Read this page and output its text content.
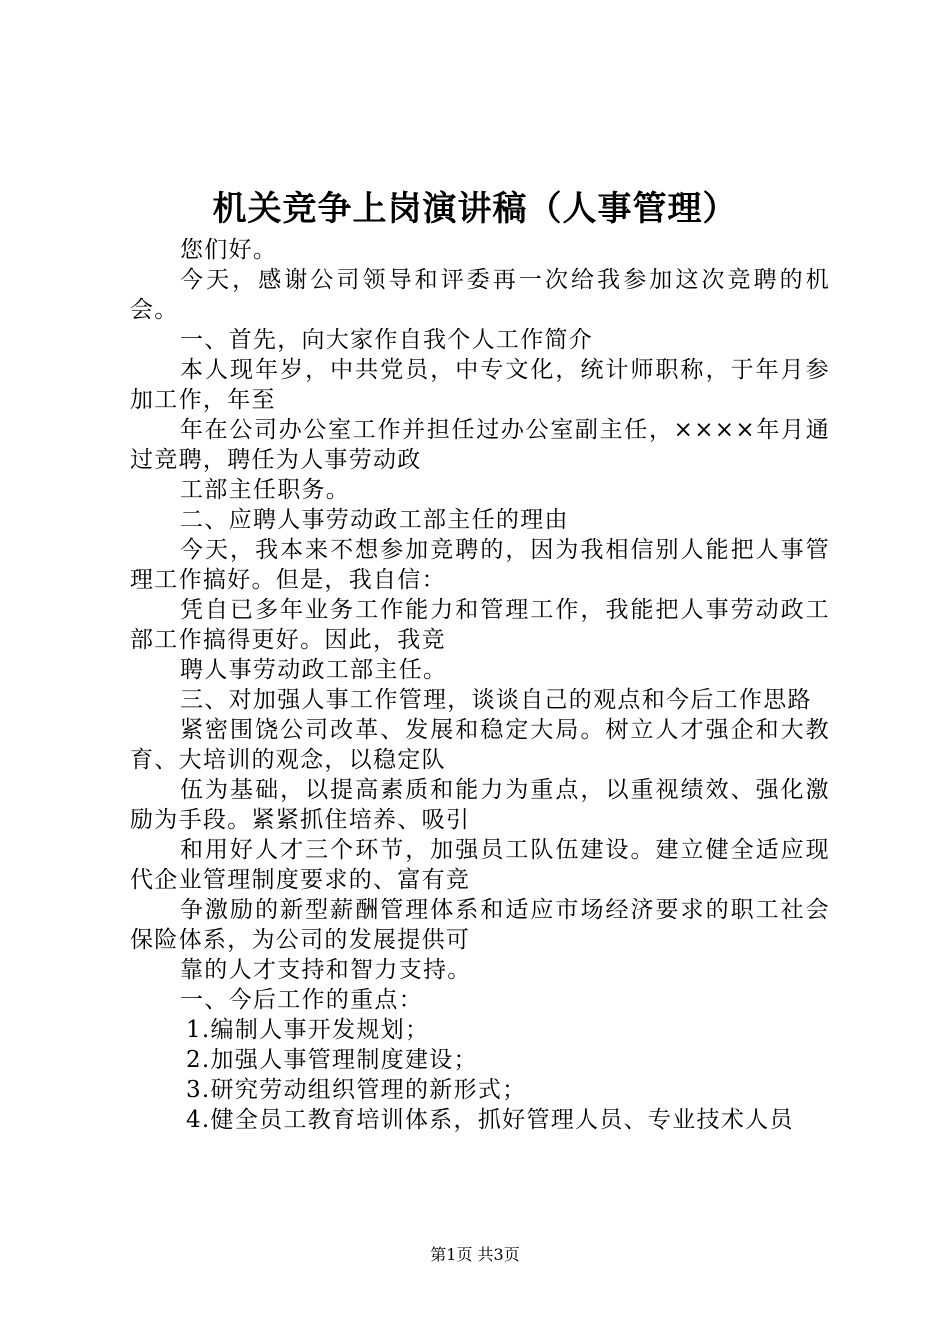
机关竞争上岗演讲稿（人事管理）

您们好。

今天，感谢公司领导和评委再一次给我参加这次竞聘的机会。

一、首先，向大家作自我个人工作简介

本人现年岁，中共党员，中专文化，统计师职称，于年月参加工作，年至

年在公司办公室工作并担任过办公室副主任，××××年月通过竞聘，聘任为人事劳动政

工部主任职务。

二、应聘人事劳动政工部主任的理由

今天，我本来不想参加竞聘的，因为我相信别人能把人事管理工作搞好。但是，我自信：

凭自已多年业务工作能力和管理工作，我能把人事劳动政工部工作搞得更好。因此，我竞

聘人事劳动政工部主任。

三、对加强人事工作管理，谈谈自己的观点和今后工作思路

紧密围饶公司改革、发展和稳定大局。树立人才强企和大教育、大培训的观念，以稳定队

伍为基础，以提高素质和能力为重点，以重视绩效、强化激励为手段。紧紧抓住培养、吸引

和用好人才三个环节，加强员工队伍建设。建立健全适应现代企业管理制度要求的、富有竞

争激励的新型薪酬管理体系和适应市场经济要求的职工社会保险体系，为公司的发展提供可

靠的人才支持和智力支持。

一、今后工作的重点：

1.编制人事开发规划；

2.加强人事管理制度建设；

3.研究劳动组织管理的新形式；

4.健全员工教育培训体系，抓好管理人员、专业技术人员

第1页 共3页
